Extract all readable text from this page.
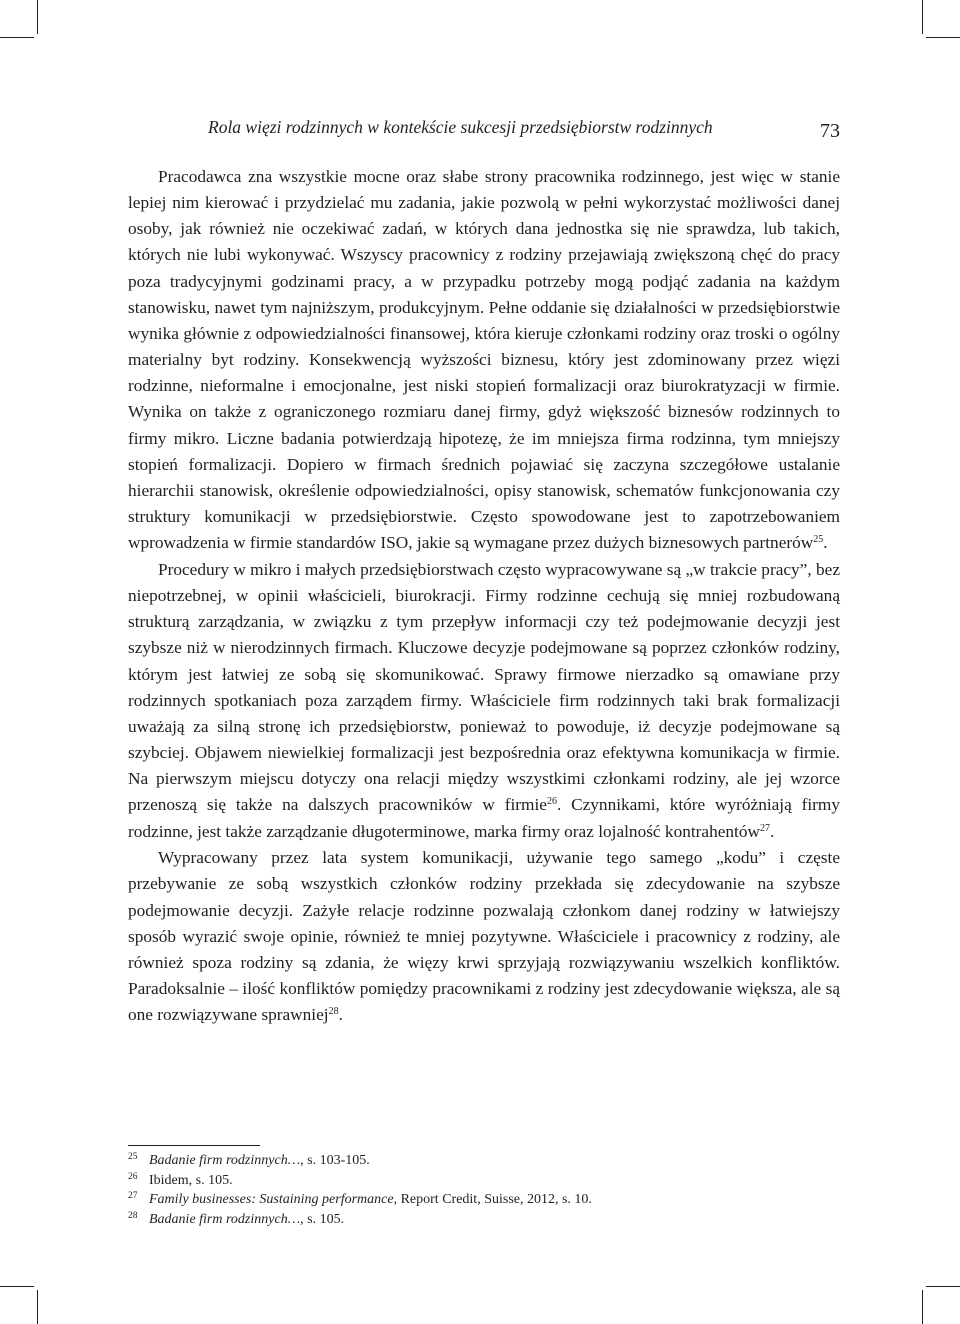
Rola więzi rodzinnych w kontekście sukcesji przedsiębiorstw rodzinnych	73

Pracodawca zna wszystkie mocne oraz słabe strony pracownika rodzinnego, jest więc w stanie lepiej nim kierować i przydzielać mu zadania, jakie pozwolą w pełni wykorzystać możliwości danej osoby, jak również nie oczekiwać zadań, w których dana jednostka się nie sprawdza, lub takich, których nie lubi wykonywać. Wszyscy pracownicy z rodziny przejawiają zwiększoną chęć do pracy poza tradycyjnymi godzinami pracy, a w przypadku potrzeby mogą podjąć zadania na każdym stanowisku, nawet tym najniższym, produkcyjnym. Pełne oddanie się działalności w przedsiębiorstwie wynika głównie z odpowiedzialności finansowej, która kieruje członkami rodziny oraz troski o ogólny materialny byt rodziny. Konsekwencją wyższości biznesu, który jest zdominowany przez więzi rodzinne, nieformalne i emocjonalne, jest niski stopień formalizacji oraz biurokratyzacji w firmie. Wynika on także z ograniczonego rozmiaru danej firmy, gdyż większość biznesów rodzinnych to firmy mikro. Liczne badania potwierdzają hipotezę, że im mniejsza firma rodzinna, tym mniejszy stopień formalizacji. Dopiero w firmach średnich pojawiać się zaczyna szczegółowe ustalanie hierarchii stanowisk, określenie odpowiedzialności, opisy stanowisk, schematów funkcjonowania czy struktury komunikacji w przedsiębiorstwie. Często spowodowane jest to zapotrzebowaniem wprowadzenia w firmie standardów ISO, jakie są wymagane przez dużych biznesowych partnerów$^{25}$.

Procedury w mikro i małych przedsiębiorstwach często wypracowywane są „w trakcie pracy”, bez niepotrzebnej, w opinii właścicieli, biurokracji. Firmy rodzinne cechują się mniej rozbudowaną strukturą zarządzania, w związku z tym przepływ informacji czy też podejmowanie decyzji jest szybsze niż w nierodzinnych firmach. Kluczowe decyzje podejmowane są poprzez członków rodziny, którym jest łatwiej ze sobą się skomunikować. Sprawy firmowe nierzadko są omawiane przy rodzinnych spotkaniach poza zarządem firmy. Właściciele firm rodzinnych taki brak formalizacji uważają za silną stronę ich przedsiębiorstw, ponieważ to powoduje, iż decyzje podejmowane są szybciej. Objawem niewielkiej formalizacji jest bezpośrednia oraz efektywna komunikacja w firmie. Na pierwszym miejscu dotyczy ona relacji między wszystkimi członkami rodziny, ale jej wzorce przenoszą się także na dalszych pracowników w firmie$^{26}$. Czynnikami, które wyróżniają firmy rodzinne, jest także zarządzanie długoterminowe, marka firmy oraz lojalność kontrahentów$^{27}$.

Wypracowany przez lata system komunikacji, używanie tego samego „kodu” i częste przebywanie ze sobą wszystkich członków rodziny przekłada się zdecydowanie na szybsze podejmowanie decyzji. Zażyłe relacje rodzinne pozwalają członkom danej rodziny w łatwiejszy sposób wyrazić swoje opinie, również te mniej pozytywne. Właściciele i pracownicy z rodziny, ale również spoza rodziny są zdania, że więzy krwi sprzyjają rozwiązywaniu wszelkich konfliktów. Paradoksalnie – ilość konfliktów pomiędzy pracownikami z rodziny jest zdecydowanie większa, ale są one rozwiązywane sprawniej$^{28}$.

25 Badanie firm rodzinnych…, s. 103-105.
26 Ibidem, s. 105.
27 Family businesses: Sustaining performance, Report Credit, Suisse, 2012, s. 10.
28 Badanie firm rodzinnych…, s. 105.
